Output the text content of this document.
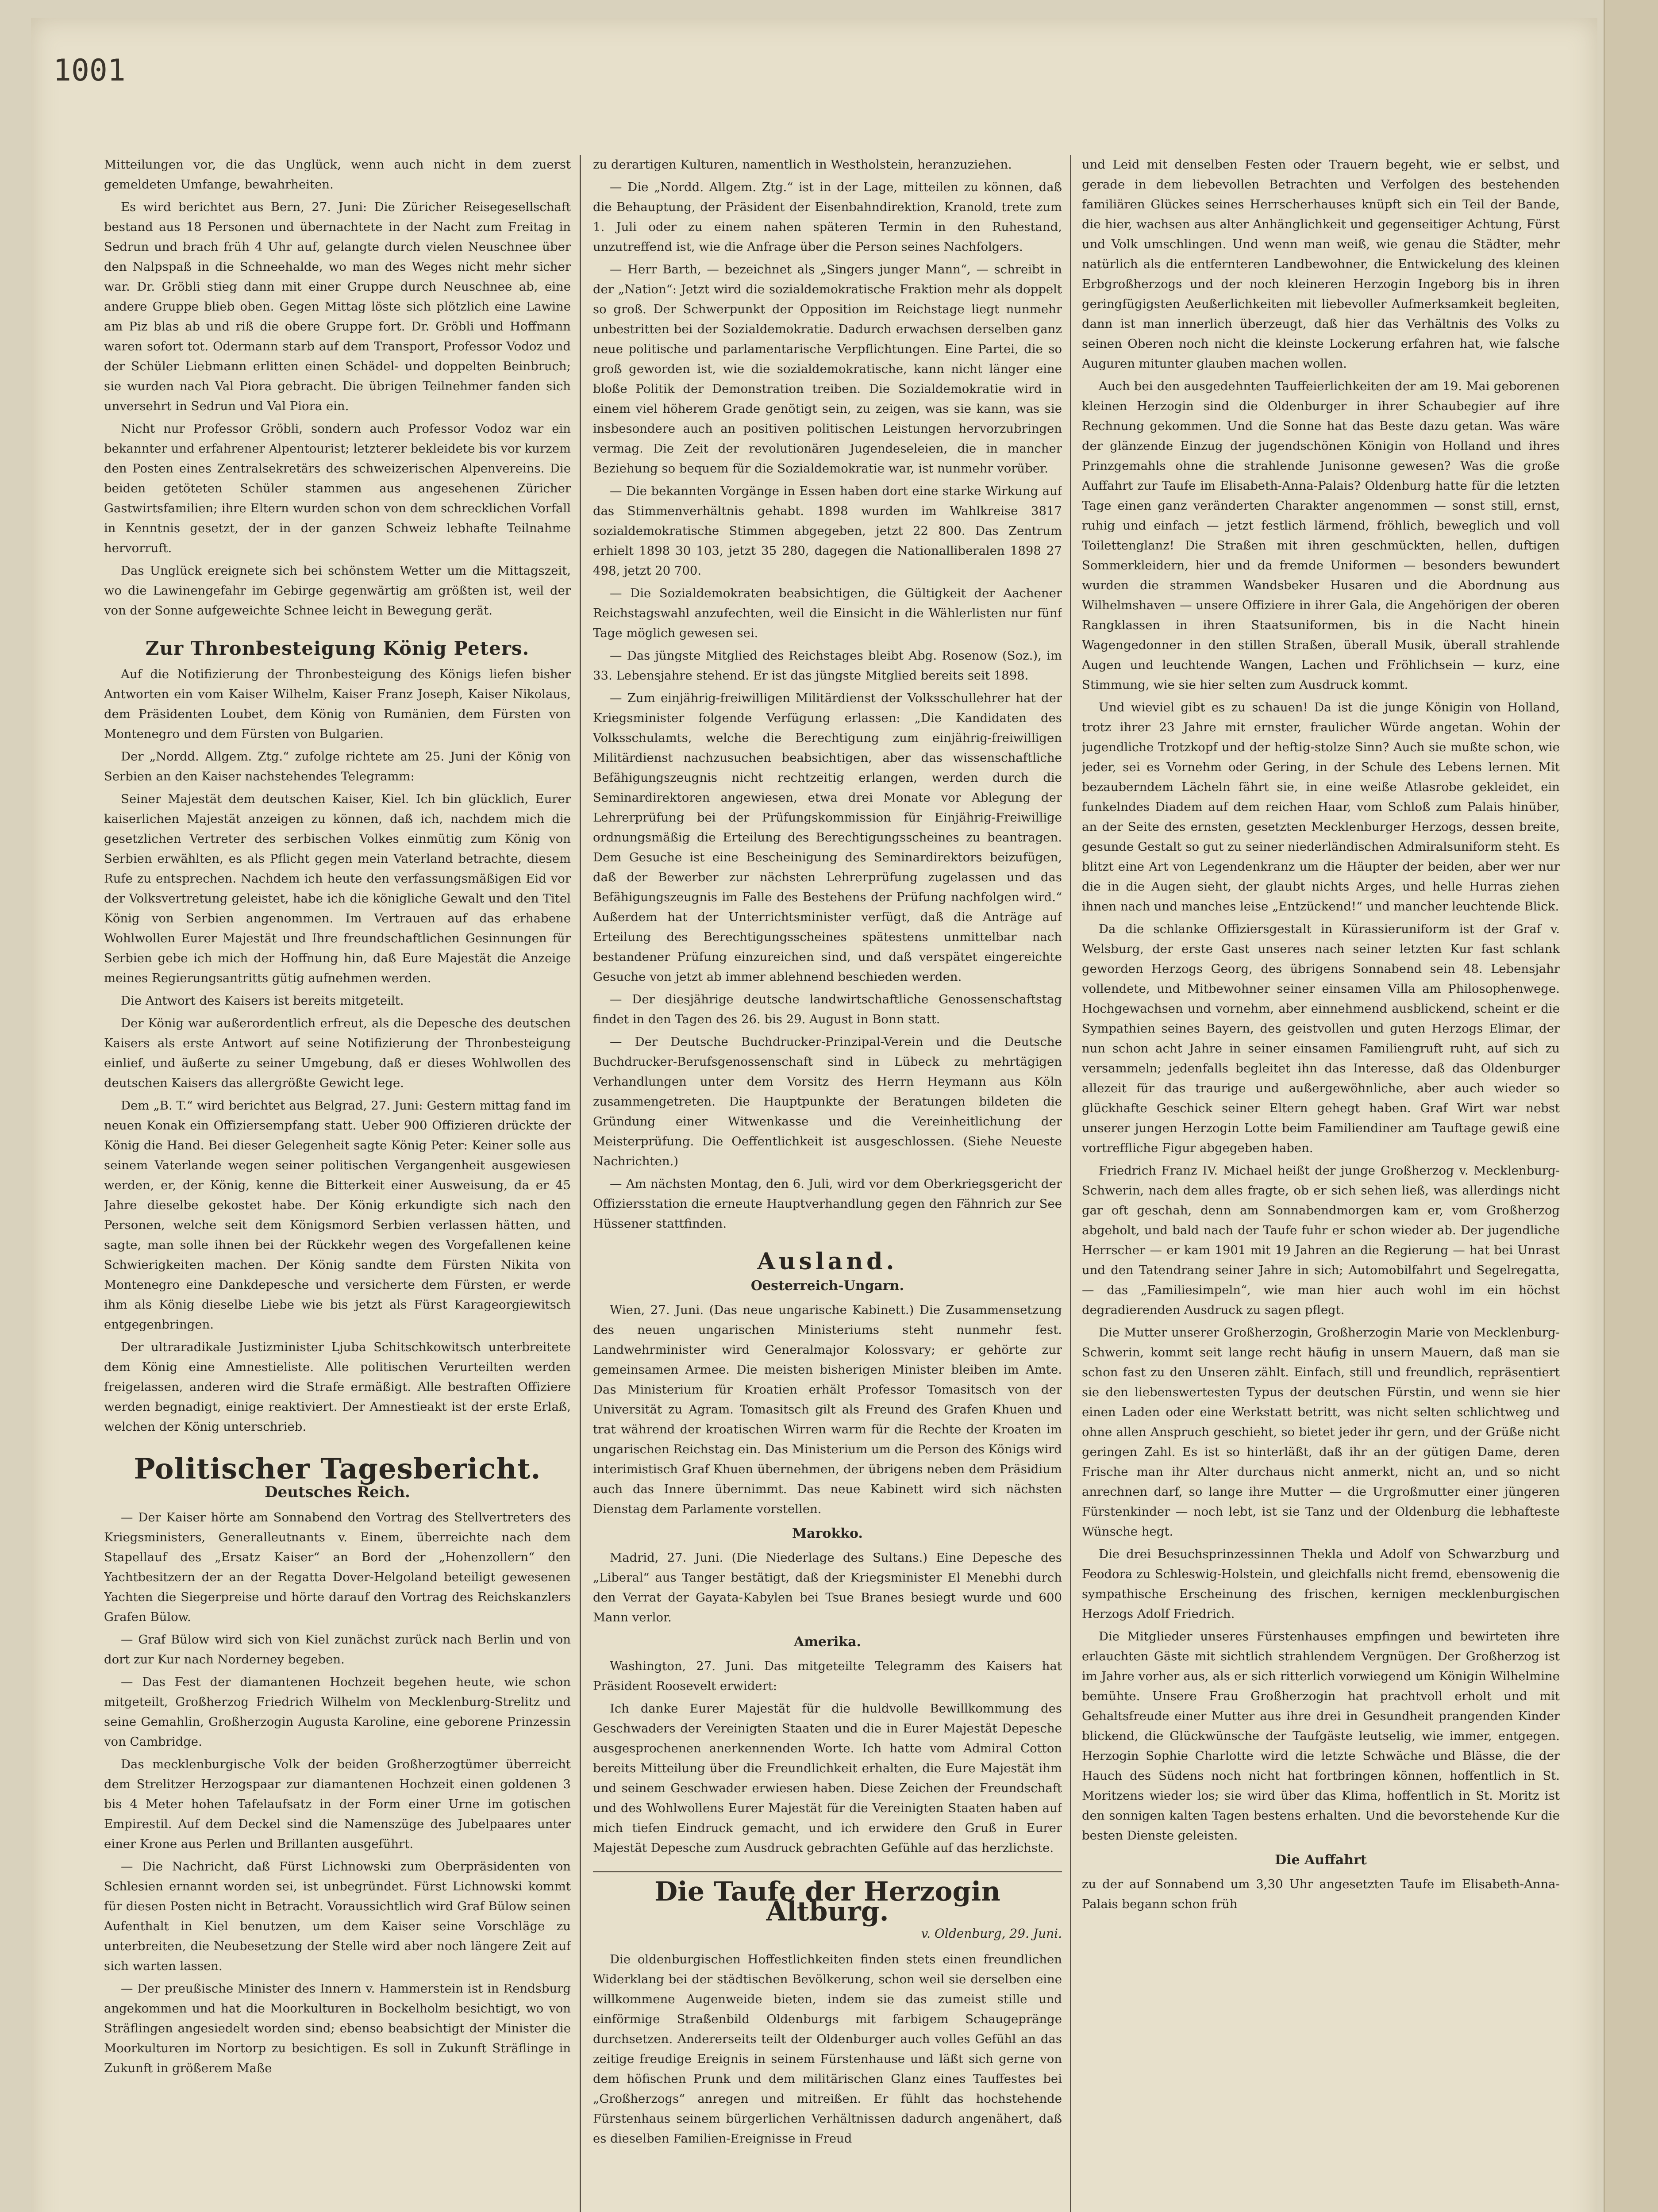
1001

Mitteilungen vor, die das Unglück, wenn auch nicht in dem zuerst gemeldeten Umfange, bewahrheiten.

Es wird berichtet aus Bern, 27. Juni: Die Züricher Reisegesellschaft bestand aus 18 Personen und übernachtete in der Nacht zum Freitag in Sedrun und brach früh 4 Uhr auf, gelangte durch vielen Neuschnee über den Nalpspaß in die Schneehalde, wo man des Weges nicht mehr sicher war. Dr. Gröbli stieg dann mit einer Gruppe durch Neuschnee ab, eine andere Gruppe blieb oben. Gegen Mittag löste sich plötzlich eine Lawine am Piz blas ab und riß die obere Gruppe fort. Dr. Gröbli und Hoffmann waren sofort tot. Odermann starb auf dem Transport, Professor Vodoz und der Schüler Liebmann erlitten einen Schädel- und doppelten Beinbruch; sie wurden nach Val Piora gebracht. Die übrigen Teilnehmer fanden sich unversehrt in Sedrun und Val Piora ein.

Nicht nur Professor Gröbli, sondern auch Professor Vodoz war ein bekannter und erfahrener Alpentourist; letzterer bekleidete bis vor kurzem den Posten eines Zentralsekretärs des schweizerischen Alpenvereins. Die beiden getöteten Schüler stammen aus angesehenen Züricher Gastwirtsfamilien; ihre Eltern wurden schon von dem schrecklichen Vorfall in Kenntnis gesetzt, der in der ganzen Schweiz lebhafte Teilnahme hervorruft.

Das Unglück ereignete sich bei schönstem Wetter um die Mittagszeit, wo die Lawinengefahr im Gebirge gegenwärtig am größten ist, weil der von der Sonne aufgeweichte Schnee leicht in Bewegung gerät.

Zur Thronbesteigung König Peters.

Auf die Notifizierung der Thronbesteigung des Königs liefen bisher Antworten ein vom Kaiser Wilhelm, Kaiser Franz Joseph, Kaiser Nikolaus, dem Präsidenten Loubet, dem König von Rumänien, dem Fürsten von Montenegro und dem Fürsten von Bulgarien.

Der „Nordd. Allgem. Ztg.“ zufolge richtete am 25. Juni der König von Serbien an den Kaiser nachstehendes Telegramm:

Seiner Majestät dem deutschen Kaiser, Kiel. Ich bin glücklich, Eurer kaiserlichen Majestät anzeigen zu können, daß ich, nachdem mich die gesetzlichen Vertreter des serbischen Volkes einmütig zum König von Serbien erwählten, es als Pflicht gegen mein Vaterland betrachte, diesem Rufe zu entsprechen. Nachdem ich heute den verfassungsmäßigen Eid vor der Volksvertretung geleistet, habe ich die königliche Gewalt und den Titel König von Serbien angenommen. Im Vertrauen auf das erhabene Wohlwollen Eurer Majestät und Ihre freundschaftlichen Gesinnungen für Serbien gebe ich mich der Hoffnung hin, daß Eure Majestät die Anzeige meines Regierungsantritts gütig aufnehmen werden.

Die Antwort des Kaisers ist bereits mitgeteilt.

Der König war außerordentlich erfreut, als die Depesche des deutschen Kaisers als erste Antwort auf seine Notifizierung der Thronbesteigung einlief, und äußerte zu seiner Umgebung, daß er dieses Wohlwollen des deutschen Kaisers das allergrößte Gewicht lege.

Dem „B. T.“ wird berichtet aus Belgrad, 27. Juni: Gestern mittag fand im neuen Konak ein Offiziersempfang statt. Ueber 900 Offizieren drückte der König die Hand. Bei dieser Gelegenheit sagte König Peter: Keiner solle aus seinem Vaterlande wegen seiner politischen Vergangenheit ausgewiesen werden, er, der König, kenne die Bitterkeit einer Ausweisung, da er 45 Jahre dieselbe gekostet habe. Der König erkundigte sich nach den Personen, welche seit dem Königsmord Serbien verlassen hätten, und sagte, man solle ihnen bei der Rückkehr wegen des Vorgefallenen keine Schwierigkeiten machen. Der König sandte dem Fürsten Nikita von Montenegro eine Dankdepesche und versicherte dem Fürsten, er werde ihm als König dieselbe Liebe wie bis jetzt als Fürst Karageorgiewitsch entgegenbringen.

Der ultraradikale Justizminister Ljuba Schitschkowitsch unterbreitete dem König eine Amnestieliste. Alle politischen Verurteilten werden freigelassen, anderen wird die Strafe ermäßigt. Alle bestraften Offiziere werden begnadigt, einige reaktiviert. Der Amnestieakt ist der erste Erlaß, welchen der König unterschrieb.

Politischer Tagesbericht.
Deutsches Reich.

— Der Kaiser hörte am Sonnabend den Vortrag des Stellvertreters des Kriegsministers, Generalleutnants v. Einem, überreichte nach dem Stapellauf des „Ersatz Kaiser“ an Bord der „Hohenzollern“ den Yachtbesitzern der an der Regatta Dover-Helgoland beteiligt gewesenen Yachten die Siegerpreise und hörte darauf den Vortrag des Reichskanzlers Grafen Bülow.

— Graf Bülow wird sich von Kiel zunächst zurück nach Berlin und von dort zur Kur nach Norderney begeben.

— Das Fest der diamantenen Hochzeit begehen heute, wie schon mitgeteilt, Großherzog Friedrich Wilhelm von Mecklenburg-Strelitz und seine Gemahlin, Großherzogin Augusta Karoline, eine geborene Prinzessin von Cambridge.

Das mecklenburgische Volk der beiden Großherzogtümer überreicht dem Strelitzer Herzogspaar zur diamantenen Hochzeit einen goldenen 3 bis 4 Meter hohen Tafelaufsatz in der Form einer Urne im gotischen Empirestil. Auf dem Deckel sind die Namenszüge des Jubelpaares unter einer Krone aus Perlen und Brillanten ausgeführt.

— Die Nachricht, daß Fürst Lichnowski zum Oberpräsidenten von Schlesien ernannt worden sei, ist unbegründet. Fürst Lichnowski kommt für diesen Posten nicht in Betracht. Voraussichtlich wird Graf Bülow seinen Aufenthalt in Kiel benutzen, um dem Kaiser seine Vorschläge zu unterbreiten, die Neubesetzung der Stelle wird aber noch längere Zeit auf sich warten lassen.

— Der preußische Minister des Innern v. Hammerstein ist in Rendsburg angekommen und hat die Moorkulturen in Bockelholm besichtigt, wo von Sträflingen angesiedelt worden sind; ebenso beabsichtigt der Minister die Moorkulturen im Nortorp zu besichtigen. Es soll in Zukunft Sträflinge in Zukunft in größerem Maße

zu derartigen Kulturen, namentlich in Westholstein, heranzuziehen.

— Die „Nordd. Allgem. Ztg.“ ist in der Lage, mitteilen zu können, daß die Behauptung, der Präsident der Eisenbahndirektion, Kranold, trete zum 1. Juli oder zu einem nahen späteren Termin in den Ruhestand, unzutreffend ist, wie die Anfrage über die Person seines Nachfolgers.

— Herr Barth, — bezeichnet als „Singers junger Mann“, — schreibt in der „Nation“: Jetzt wird die sozialdemokratische Fraktion mehr als doppelt so groß. Der Schwerpunkt der Opposition im Reichstage liegt nunmehr unbestritten bei der Sozialdemokratie. Dadurch erwachsen derselben ganz neue politische und parlamentarische Verpflichtungen. Eine Partei, die so groß geworden ist, wie die sozialdemokratische, kann nicht länger eine bloße Politik der Demonstration treiben. Die Sozialdemokratie wird in einem viel höherem Grade genötigt sein, zu zeigen, was sie kann, was sie insbesondere auch an positiven politischen Leistungen hervorzubringen vermag. Die Zeit der revolutionären Jugendeseleien, die in mancher Beziehung so bequem für die Sozialdemokratie war, ist nunmehr vorüber.

— Die bekannten Vorgänge in Essen haben dort eine starke Wirkung auf das Stimmenverhältnis gehabt. 1898 wurden im Wahlkreise 3817 sozialdemokratische Stimmen abgegeben, jetzt 22 800. Das Zentrum erhielt 1898 30 103, jetzt 35 280, dagegen die Nationalliberalen 1898 27 498, jetzt 20 700.

— Die Sozialdemokraten beabsichtigen, die Gültigkeit der Aachener Reichstagswahl anzufechten, weil die Einsicht in die Wählerlisten nur fünf Tage möglich gewesen sei.

— Das jüngste Mitglied des Reichstages bleibt Abg. Rosenow (Soz.), im 33. Lebensjahre stehend. Er ist das jüngste Mitglied bereits seit 1898.

— Zum einjährig-freiwilligen Militärdienst der Volksschullehrer hat der Kriegsminister folgende Verfügung erlassen: „Die Kandidaten des Volksschulamts, welche die Berechtigung zum einjährig-freiwilligen Militärdienst nachzusuchen beabsichtigen, aber das wissenschaftliche Befähigungszeugnis nicht rechtzeitig erlangen, werden durch die Seminardirektoren angewiesen, etwa drei Monate vor Ablegung der Lehrerprüfung bei der Prüfungskommission für Einjährig-Freiwillige ordnungsmäßig die Erteilung des Berechtigungsscheines zu beantragen. Dem Gesuche ist eine Bescheinigung des Seminardirektors beizufügen, daß der Bewerber zur nächsten Lehrerprüfung zugelassen und das Befähigungszeugnis im Falle des Bestehens der Prüfung nachfolgen wird.“ Außerdem hat der Unterrichtsminister verfügt, daß die Anträge auf Erteilung des Berechtigungsscheines spätestens unmittelbar nach bestandener Prüfung einzureichen sind, und daß verspätet eingereichte Gesuche von jetzt ab immer ablehnend beschieden werden.

— Der diesjährige deutsche landwirtschaftliche Genossenschaftstag findet in den Tagen des 26. bis 29. August in Bonn statt.

— Der Deutsche Buchdrucker-Prinzipal-Verein und die Deutsche Buchdrucker-Berufsgenossenschaft sind in Lübeck zu mehrtägigen Verhandlungen unter dem Vorsitz des Herrn Heymann aus Köln zusammengetreten. Die Hauptpunkte der Beratungen bildeten die Gründung einer Witwenkasse und die Vereinheitlichung der Meisterprüfung. Die Oeffentlichkeit ist ausgeschlossen. (Siehe Neueste Nachrichten.)

— Am nächsten Montag, den 6. Juli, wird vor dem Oberkriegsgericht der Offiziersstation die erneute Hauptverhandlung gegen den Fähnrich zur See Hüssener stattfinden.

Ausland.
Oesterreich-Ungarn.

Wien, 27. Juni. (Das neue ungarische Kabinett.) Die Zusammensetzung des neuen ungarischen Ministeriums steht nunmehr fest. Landwehrminister wird Generalmajor Kolossvary; er gehörte zur gemeinsamen Armee. Die meisten bisherigen Minister bleiben im Amte. Das Ministerium für Kroatien erhält Professor Tomasitsch von der Universität zu Agram. Tomasitsch gilt als Freund des Grafen Khuen und trat während der kroatischen Wirren warm für die Rechte der Kroaten im ungarischen Reichstag ein. Das Ministerium um die Person des Königs wird interimistisch Graf Khuen übernehmen, der übrigens neben dem Präsidium auch das Innere übernimmt. Das neue Kabinett wird sich nächsten Dienstag dem Parlamente vorstellen.

Marokko.

Madrid, 27. Juni. (Die Niederlage des Sultans.) Eine Depesche des „Liberal“ aus Tanger bestätigt, daß der Kriegsminister El Menebhi durch den Verrat der Gayata-Kabylen bei Tsue Branes besiegt wurde und 600 Mann verlor.

Amerika.

Washington, 27. Juni. Das mitgeteilte Telegramm des Kaisers hat Präsident Roosevelt erwidert:

Ich danke Eurer Majestät für die huldvolle Bewillkommung des Geschwaders der Vereinigten Staaten und die in Eurer Majestät Depesche ausgesprochenen anerkennenden Worte. Ich hatte vom Admiral Cotton bereits Mitteilung über die Freundlichkeit erhalten, die Eure Majestät ihm und seinem Geschwader erwiesen haben. Diese Zeichen der Freundschaft und des Wohlwollens Eurer Majestät für die Vereinigten Staaten haben auf mich tiefen Eindruck gemacht, und ich erwidere den Gruß in Eurer Majestät Depesche zum Ausdruck gebrachten Gefühle auf das herzlichste.

Die Taufe der Herzogin Altburg.
v. Oldenburg, 29. Juni.

Die oldenburgischen Hoffestlichkeiten finden stets einen freundlichen Widerklang bei der städtischen Bevölkerung, schon weil sie derselben eine willkommene Augenweide bieten, indem sie das zumeist stille und einförmige Straßenbild Oldenburgs mit farbigem Schaugepränge durchsetzen. Andererseits teilt der Oldenburger auch volles Gefühl an das zeitige freudige Ereignis in seinem Fürstenhause und läßt sich gerne von dem höfischen Prunk und dem militärischen Glanz eines Tauffestes bei „Großherzogs“ anregen und mitreißen. Er fühlt das hochstehende Fürstenhaus seinem bürgerlichen Verhältnissen dadurch angenähert, daß es dieselben Familien-Ereignisse in Freud

und Leid mit denselben Festen oder Trauern begeht, wie er selbst, und gerade in dem liebevollen Betrachten und Verfolgen des bestehenden familiären Glückes seines Herrscherhauses knüpft sich ein Teil der Bande, die hier, wachsen aus alter Anhänglichkeit und gegenseitiger Achtung, Fürst und Volk umschlingen. Und wenn man weiß, wie genau die Städter, mehr natürlich als die entfernteren Landbewohner, die Entwickelung des kleinen Erbgroßherzogs und der noch kleineren Herzogin Ingeborg bis in ihren geringfügigsten Aeußerlichkeiten mit liebevoller Aufmerksamkeit begleiten, dann ist man innerlich überzeugt, daß hier das Verhältnis des Volks zu seinen Oberen noch nicht die kleinste Lockerung erfahren hat, wie falsche Auguren mitunter glauben machen wollen.

Auch bei den ausgedehnten Tauffeierlichkeiten der am 19. Mai geborenen kleinen Herzogin sind die Oldenburger in ihrer Schaubegier auf ihre Rechnung gekommen. Und die Sonne hat das Beste dazu getan. Was wäre der glänzende Einzug der jugendschönen Königin von Holland und ihres Prinzgemahls ohne die strahlende Junisonne gewesen? Was die große Auffahrt zur Taufe im Elisabeth-Anna-Palais? Oldenburg hatte für die letzten Tage einen ganz veränderten Charakter angenommen — sonst still, ernst, ruhig und einfach — jetzt festlich lärmend, fröhlich, beweglich und voll Toilettenglanz! Die Straßen mit ihren geschmückten, hellen, duftigen Sommerkleidern, hier und da fremde Uniformen — besonders bewundert wurden die strammen Wandsbeker Husaren und die Abordnung aus Wilhelmshaven — unsere Offiziere in ihrer Gala, die Angehörigen der oberen Rangklassen in ihren Staatsuniformen, bis in die Nacht hinein Wagengedonner in den stillen Straßen, überall Musik, überall strahlende Augen und leuchtende Wangen, Lachen und Fröhlichsein — kurz, eine Stimmung, wie sie hier selten zum Ausdruck kommt.

Und wieviel gibt es zu schauen! Da ist die junge Königin von Holland, trotz ihrer 23 Jahre mit ernster, fraulicher Würde angetan. Wohin der jugendliche Trotzkopf und der heftig-stolze Sinn? Auch sie mußte schon, wie jeder, sei es Vornehm oder Gering, in der Schule des Lebens lernen. Mit bezauberndem Lächeln fährt sie, in eine weiße Atlasrobe gekleidet, ein funkelndes Diadem auf dem reichen Haar, vom Schloß zum Palais hinüber, an der Seite des ernsten, gesetzten Mecklenburger Herzogs, dessen breite, gesunde Gestalt so gut zu seiner niederländischen Admiralsuniform steht. Es blitzt eine Art von Legendenkranz um die Häupter der beiden, aber wer nur die in die Augen sieht, der glaubt nichts Arges, und helle Hurras ziehen ihnen nach und manches leise „Entzückend!“ und mancher leuchtende Blick.

Da die schlanke Offiziersgestalt in Kürassieruniform ist der Graf v. Welsburg, der erste Gast unseres nach seiner letzten Kur fast schlank geworden Herzogs Georg, des übrigens Sonnabend sein 48. Lebensjahr vollendete, und Mitbewohner seiner einsamen Villa am Philosophenwege. Hochgewachsen und vornehm, aber einnehmend ausblickend, scheint er die Sympathien seines Bayern, des geistvollen und guten Herzogs Elimar, der nun schon acht Jahre in seiner einsamen Familiengruft ruht, auf sich zu versammeln; jedenfalls begleitet ihn das Interesse, daß das Oldenburger allezeit für das traurige und außergewöhnliche, aber auch wieder so glückhafte Geschick seiner Eltern gehegt haben. Graf Wirt war nebst unserer jungen Herzogin Lotte beim Familiendiner am Tauftage gewiß eine vortreffliche Figur abgegeben haben.

Friedrich Franz IV. Michael heißt der junge Großherzog v. Mecklenburg-Schwerin, nach dem alles fragte, ob er sich sehen ließ, was allerdings nicht gar oft geschah, denn am Sonnabendmorgen kam er, vom Großherzog abgeholt, und bald nach der Taufe fuhr er schon wieder ab. Der jugendliche Herrscher — er kam 1901 mit 19 Jahren an die Regierung — hat bei Unrast und den Tatendrang seiner Jahre in sich; Automobilfahrt und Segelregatta, — das „Familiesimpeln“, wie man hier auch wohl im ein höchst degradierenden Ausdruck zu sagen pflegt.

Die Mutter unserer Großherzogin, Großherzogin Marie von Mecklenburg-Schwerin, kommt seit lange recht häufig in unsern Mauern, daß man sie schon fast zu den Unseren zählt. Einfach, still und freundlich, repräsentiert sie den liebenswertesten Typus der deutschen Fürstin, und wenn sie hier einen Laden oder eine Werkstatt betritt, was nicht selten schlichtweg und ohne allen Anspruch geschieht, so bietet jeder ihr gern, und der Grüße nicht geringen Zahl. Es ist so hinterläßt, daß ihr an der gütigen Dame, deren Frische man ihr Alter durchaus nicht anmerkt, nicht an, und so nicht anrechnen darf, so lange ihre Mutter — die Urgroßmutter einer jüngeren Fürstenkinder — noch lebt, ist sie Tanz und der Oldenburg die lebhafteste Wünsche hegt.

Die drei Besuchsprinzessinnen Thekla und Adolf von Schwarzburg und Feodora zu Schleswig-Holstein, und gleichfalls nicht fremd, ebensowenig die sympathische Erscheinung des frischen, kernigen mecklenburgischen Herzogs Adolf Friedrich.

Die Mitglieder unseres Fürstenhauses empfingen und bewirteten ihre erlauchten Gäste mit sichtlich strahlendem Vergnügen. Der Großherzog ist im Jahre vorher aus, als er sich ritterlich vorwiegend um Königin Wilhelmine bemühte. Unsere Frau Großherzogin hat prachtvoll erholt und mit Gehaltsfreude einer Mutter aus ihre drei in Gesundheit prangenden Kinder blickend, die Glückwünsche der Taufgäste leutselig, wie immer, entgegen. Herzogin Sophie Charlotte wird die letzte Schwäche und Blässe, die der Hauch des Südens noch nicht hat fortbringen können, hoffentlich in St. Moritzens wieder los; sie wird über das Klima, hoffentlich in St. Moritz ist den sonnigen kalten Tagen bestens erhalten. Und die bevorstehende Kur die besten Dienste geleisten.

Die Auffahrt

zu der auf Sonnabend um 3,30 Uhr angesetzten Taufe im Elisabeth-Anna-Palais begann schon früh
